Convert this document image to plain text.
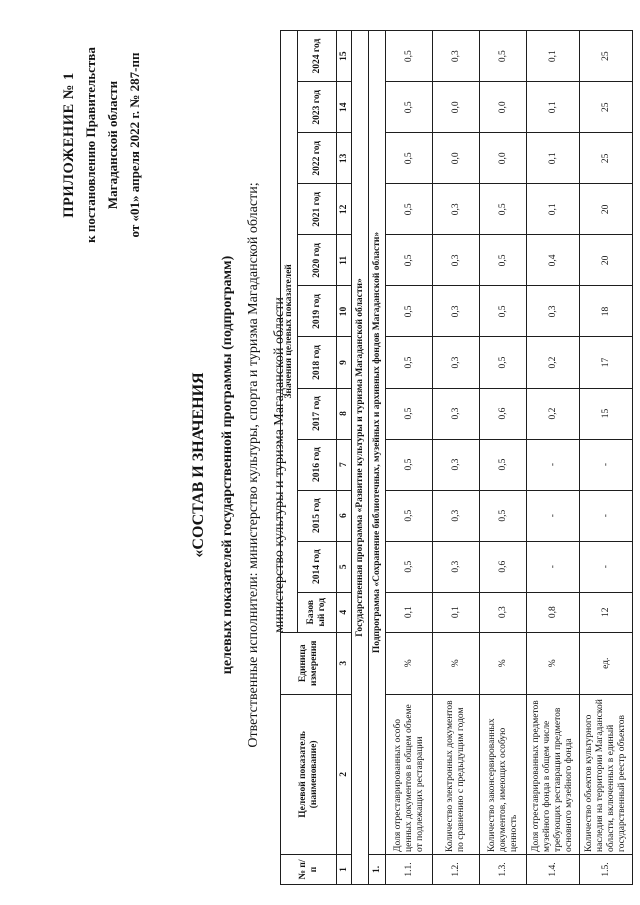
ПРИЛОЖЕНИЕ № 1 к постановлению Правительства Магаданской области от «01» апреля 2022 г. № 287-пп
«СОСТАВ И ЗНАЧЕНИЯ целевых показателей государственной программы (подпрограмм) Ответственные исполнители: министерство культуры, спорта и туризма Магаданской области; министерство культуры и туризма Магаданской области
№ п/п	Целевой показатель (наименование)	Единица измерения	Значения целевых показателей											
			Базов ый год	2014 год	2015 год	2016 год	2017 год	2018 год	2019 год	2020 год	2021 год	2022 год	2023 год	2024 год
1	2	3	4	5	6	7	8	9	10	11	12	13	14	15
Государственная программа «Развитие культуры и туризма Магаданской области»														
1.	Подпрограмма «Сохранение библиотечных, музейных и архивных фондов Магаданской области»													
1.1.	Доля отреставрированных особо ценных документов в общем объеме от подлежащих реставрации	%	0,1	0,5	0,5	0,5	0,5	0,5	0,5	0,5	0,5	0,5	0,5	0,5
1.2.	Количество электронных документов по сравнению с предыдущим годом	%	0,1	0,3	0,3	0,3	0,3	0,3	0,3	0,3	0,3	0,0	0,0	0,3
1.3.	Количество законсервированных документов, имеющих особую ценность	%	0,3	0,6	0,5	0,5	0,6	0,5	0,5	0,5	0,5	0,0	0,0	0,5
1.4.	Доля отреставрированных предметов музейного фонда в общем числе требующих реставрации предметов основного музейного фонда	%	0,8	-	-	-	0,2	0,2	0,3	0,4	0,1	0,1	0,1	0,1
1.5.	Количество объектов культурного наследия на территории Магаданской области, включенных в единый государственный реестр объектов	ед.	12	-	-	-	15	17	18	20	20	25	25	25
